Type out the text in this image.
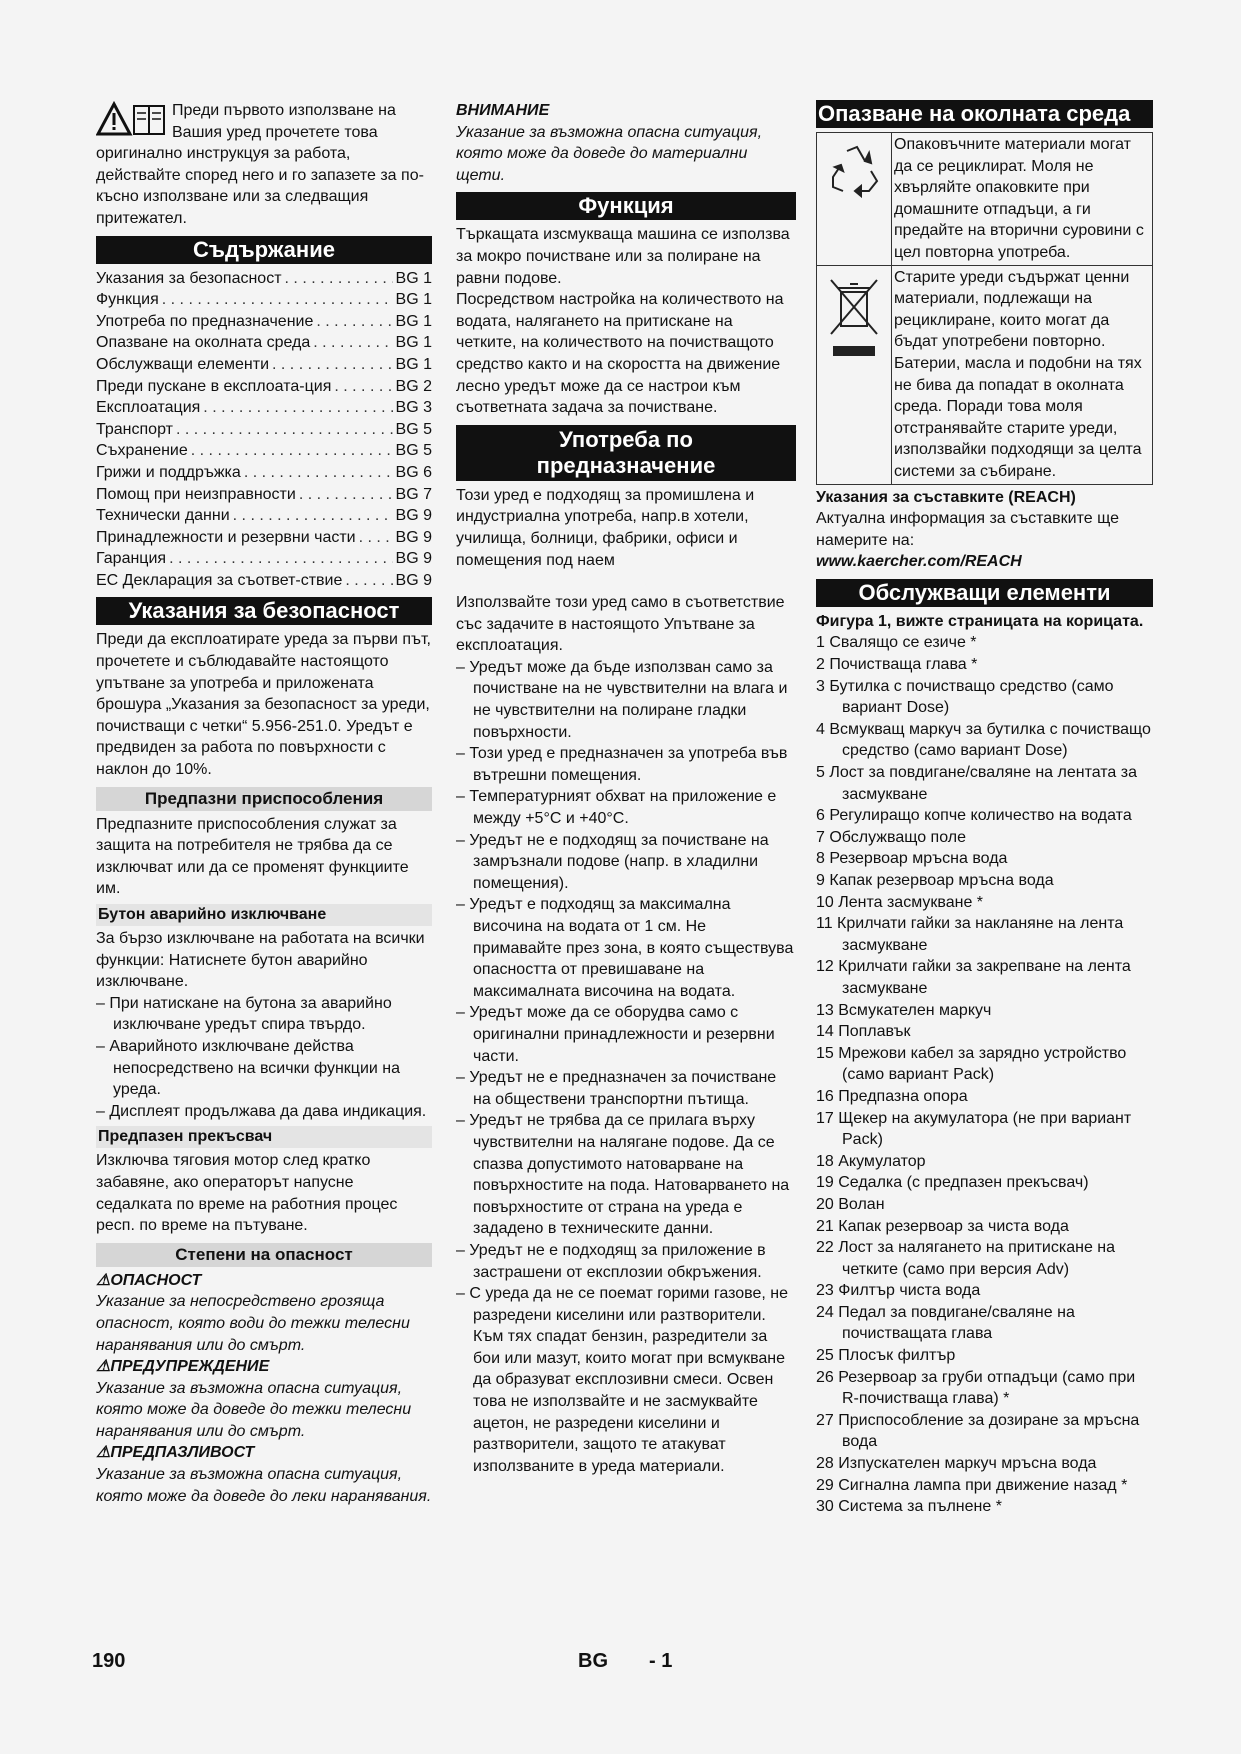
Преди първото използване на

Вашия уред прочетете това

оригинално инструкцуя за работа, действайте според него и го запазете за по-късно използване или за следващия притежател.

Съдържание
Указания за безопасност . . .	BG 1
Функция . . .	BG 1
Употреба по предназначение . . .	BG 1
Опазване на околната среда . . .	BG 1
Обслужващи елементи . . .	BG 1
Преди пускане в експлоата-ция . . .	BG 2
Експлоатация . . .	BG 3
Транспорт . . .	BG 5
Съхранение . . .	BG 5
Грижи и поддръжка . . .	BG 6
Помощ при неизправности . . .	BG 7
Технически данни . . .	BG 9
Принадлежности и резервни части . . . BG 9
Гаранция . . .	BG 9
ЕС Декларация за съответ-ствие . . .	BG 9
Указания за безопасност

Преди да експлоатирате уреда за първи път, прочетете и съблюдавайте настоящото упътване за употреба и приложената брошура „Указания за безопасност за уреди, почистващи с четки“ 5.956-251.0. Уредът е предвиден за работа по повърхности с наклон до 10%.

Предпазни приспособления

Предпазните приспособления служат за защита на потребителя не трябва да се изключват или да се променят функциите им.

Бутон аварийно изключване

За бързо изключване на работата на всички функции: Натиснете бутон аварийно изключване.

– При натискане на бутона за аварийно изключване уредът спира твърдо.

– Аварийното изключване действа непосредствено на всички функции на уреда.

– Дисплеят продължава да дава индикация.

Предпазен прекъсвач

Изключва тяговия мотор след кратко забавяне, ако операторът напусне седалката по време на работния процес респ. по време на пътуване.

Степени на опасност

⚠ОПАСНОСТ

Указание за непосредствено грозяща опасност, която води до тежки телесни наранявания или до смърт.

⚠ПРЕДУПРЕЖДЕНИЕ

Указание за възможна опасна ситуация, която може да доведе до тежки телесни наранявания или до смърт.

⚠ПРЕДПАЗЛИВОСТ

Указание за възможна опасна ситуация, която може да доведе до леки наранявания.

ВНИМАНИЕ

Указание за възможна опасна ситуация, която може да доведе до материални щети.

Функция

Търкащата изсмукваща машина се използва за мокро почистване или за полиране на равни подове.

Посредством настройка на количеството на водата, налягането на притискане на четките, на количеството на почистващото средство както и на скоростта на движение лесно уредът може да се настрои към съответната задача за почистване.

Употреба по предназначение

Този уред е подходящ за промишлена и индустриална употреба, напр.в хотели, училища, болници, фабрики, офиси и помещения под наем

Използвайте този уред само в съответствие със задачите в настоящото Упътване за експлоатация.

– Уредът може да бъде използван само за почистване на не чувствителни на влага и не чувствителни на полиране гладки повърхности.

– Този уред е предназначен за употреба във вътрешни помещения.

– Температурният обхват на приложение е между +5°C и +40°C.

– Уредът не е подходящ за почистване на замръзнали подове (напр. в хладилни помещения).

– Уредът е подходящ за максимална височина на водата от 1 см. Не примавайте през зона, в която съществува опасността от превишаване на максималната височина на водата.

– Уредът може да се оборудва само с оригинални принадлежности и резервни части.

– Уредът не е предназначен за почистване на обществени транспортни пътища.

– Уредът не трябва да се прилага върху чувствителни на налягане подове. Да се спазва допустимото натоварване на повърхностите на пода. Натоварването на повърхностите от страна на уреда е зададено в техническите данни.

– Уредът не е подходящ за приложение в застрашени от експлозии обкръжения.

– С уреда да не се поемат горими газове, не разредени киселини или разтворители.

Към тях спадат бензин, разредители за бои или мазут, които могат при всмукване да образуват експлозивни смеси. Освен това не използвайте и не засмуквайте ацетон, не разредени киселини и разтворители, защото те атакуват използваните в уреда материали.

Опазване на околната среда
Опаковъчните материали могат да се рециклират. Моля не хвърляйте опаковките при домашните отпадъци, а ги предайте на вторични суровини с цел повторна употреба.
Старите уреди съдържат ценни материали, подлежащи на рециклиране, които могат да бъдат употребени повторно. Батерии, масла и подобни на тях не бива да попадат в околната среда. Поради това моля отстранявайте старите уреди, използвайки подходящи за целта системи за събиране.

Указания за съставките (REACH)

Актуална информация за съставките ще намерите на:

www.kaercher.com/REACH

Обслужващи елементи

Фигура 1, вижте страницата на корицата.

1 Свалящо се езиче *

2 Почистваща глава *

3 Бутилка с почистващо средство (само вариант Dose)

4 Всмукващ маркуч за бутилка с почистващо средство (само вариант Dose)

5 Лост за повдигане/сваляне на лентата за засмукване

6 Регулиращо копче количество на водата

7 Обслужващо поле

8 Резервоар мръсна вода

9 Капак резервоар мръсна вода

10 Лента засмукване *

11 Крилчати гайки за накланяне на лента засмукване

12 Крилчати гайки за закрепване на лента засмукване

13 Всмукателен маркуч

14 Поплавък

15 Мрежови кабел за зарядно устройство (само вариант Pack)

16 Предпазна опора

17 Щекер на акумулатора (не при вариант Pack)

18 Акумулатор

19 Седалка (с предпазен прекъсвач)

20 Волан

21 Капак резервоар за чиста вода

22 Лост за налягането на притискане на четките (само при версия Adv)

23 Филтър чиста вода

24 Педал за повдигане/сваляне на почистващата глава

25 Плосък филтър

26 Резервоар за груби отпадъци (само при R-почистваща глава) *

27 Приспособление за дозиране за мръсна вода

28 Изпускателен маркуч мръсна вода

29 Сигнална лампа при движение назад *

30 Система за пълнене *

190	BG - 1
